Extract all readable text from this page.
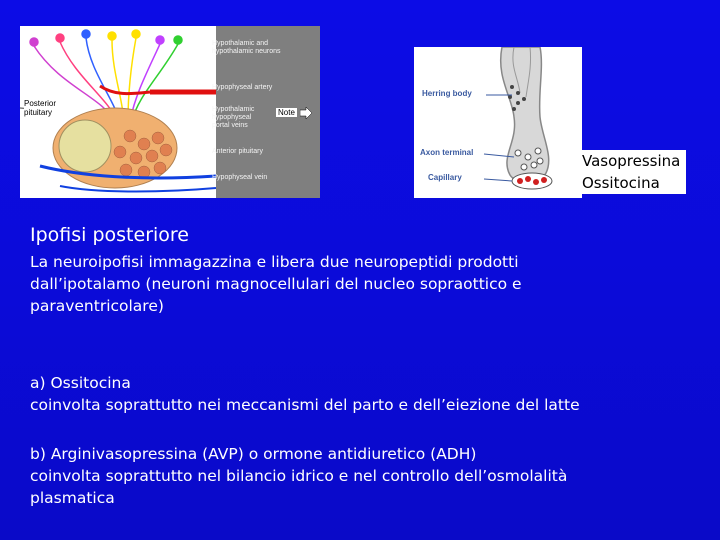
Posterior
pituitary
Hypothalamic and
hypothalamic neurons
Hypophyseal artery
Hypothalamic
hypophyseal
portal veins
Anterior pituitary
Hypophyseal vein
Note
Herring body
Axon terminal
Capillary
Vasopressina
Ossitocina
Ipofisi posteriore
La neuroipofisi immagazzina e libera due neuropeptidi prodotti
dall’ipotalamo (neuroni magnocellulari del nucleo sopraottico e
paraventricolare)
a) Ossitocina
coinvolta soprattutto nei meccanismi del parto e dell’eiezione del latte
b) Arginivasopressina (AVP) o ormone antidiuretico (ADH)
coinvolta soprattutto nel bilancio idrico e nel controllo dell’osmolalità
plasmatica
